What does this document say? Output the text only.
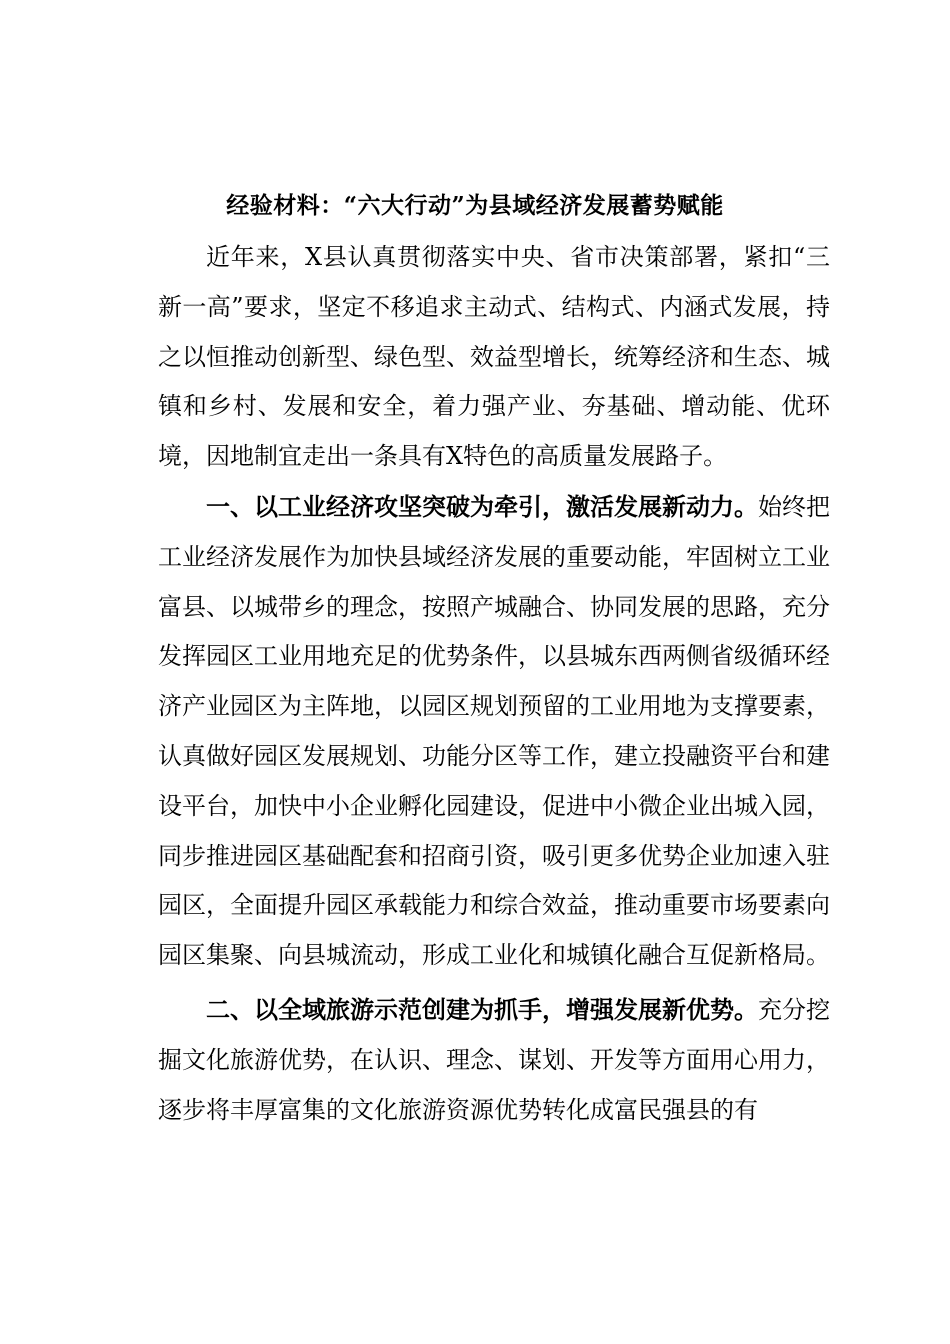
经验材料：“六大行动”为县域经济发展蓄势赋能

近年来，X县认真贯彻落实中央、省市决策部署，紧扣“三新一高”要求，坚定不移追求主动式、结构式、内涵式发展，持之以恒推动创新型、绿色型、效益型增长，统筹经济和生态、城镇和乡村、发展和安全，着力强产业、夯基础、增动能、优环境，因地制宜走出一条具有X特色的高质量发展路子。

一、以工业经济攻坚突破为牵引，激活发展新动力。始终把工业经济发展作为加快县域经济发展的重要动能，牢固树立工业富县、以城带乡的理念，按照产城融合、协同发展的思路，充分发挥园区工业用地充足的优势条件，以县城东西两侧省级循环经济产业园区为主阵地，以园区规划预留的工业用地为支撑要素，认真做好园区发展规划、功能分区等工作，建立投融资平台和建设平台，加快中小企业孵化园建设，促进中小微企业出城入园，同步推进园区基础配套和招商引资，吸引更多优势企业加速入驻园区，全面提升园区承载能力和综合效益，推动重要市场要素向园区集聚、向县城流动，形成工业化和城镇化融合互促新格局。

二、以全域旅游示范创建为抓手，增强发展新优势。充分挖掘文化旅游优势，在认识、理念、谋划、开发等方面用心用力，逐步将丰厚富集的文化旅游资源优势转化成富民强县的有
